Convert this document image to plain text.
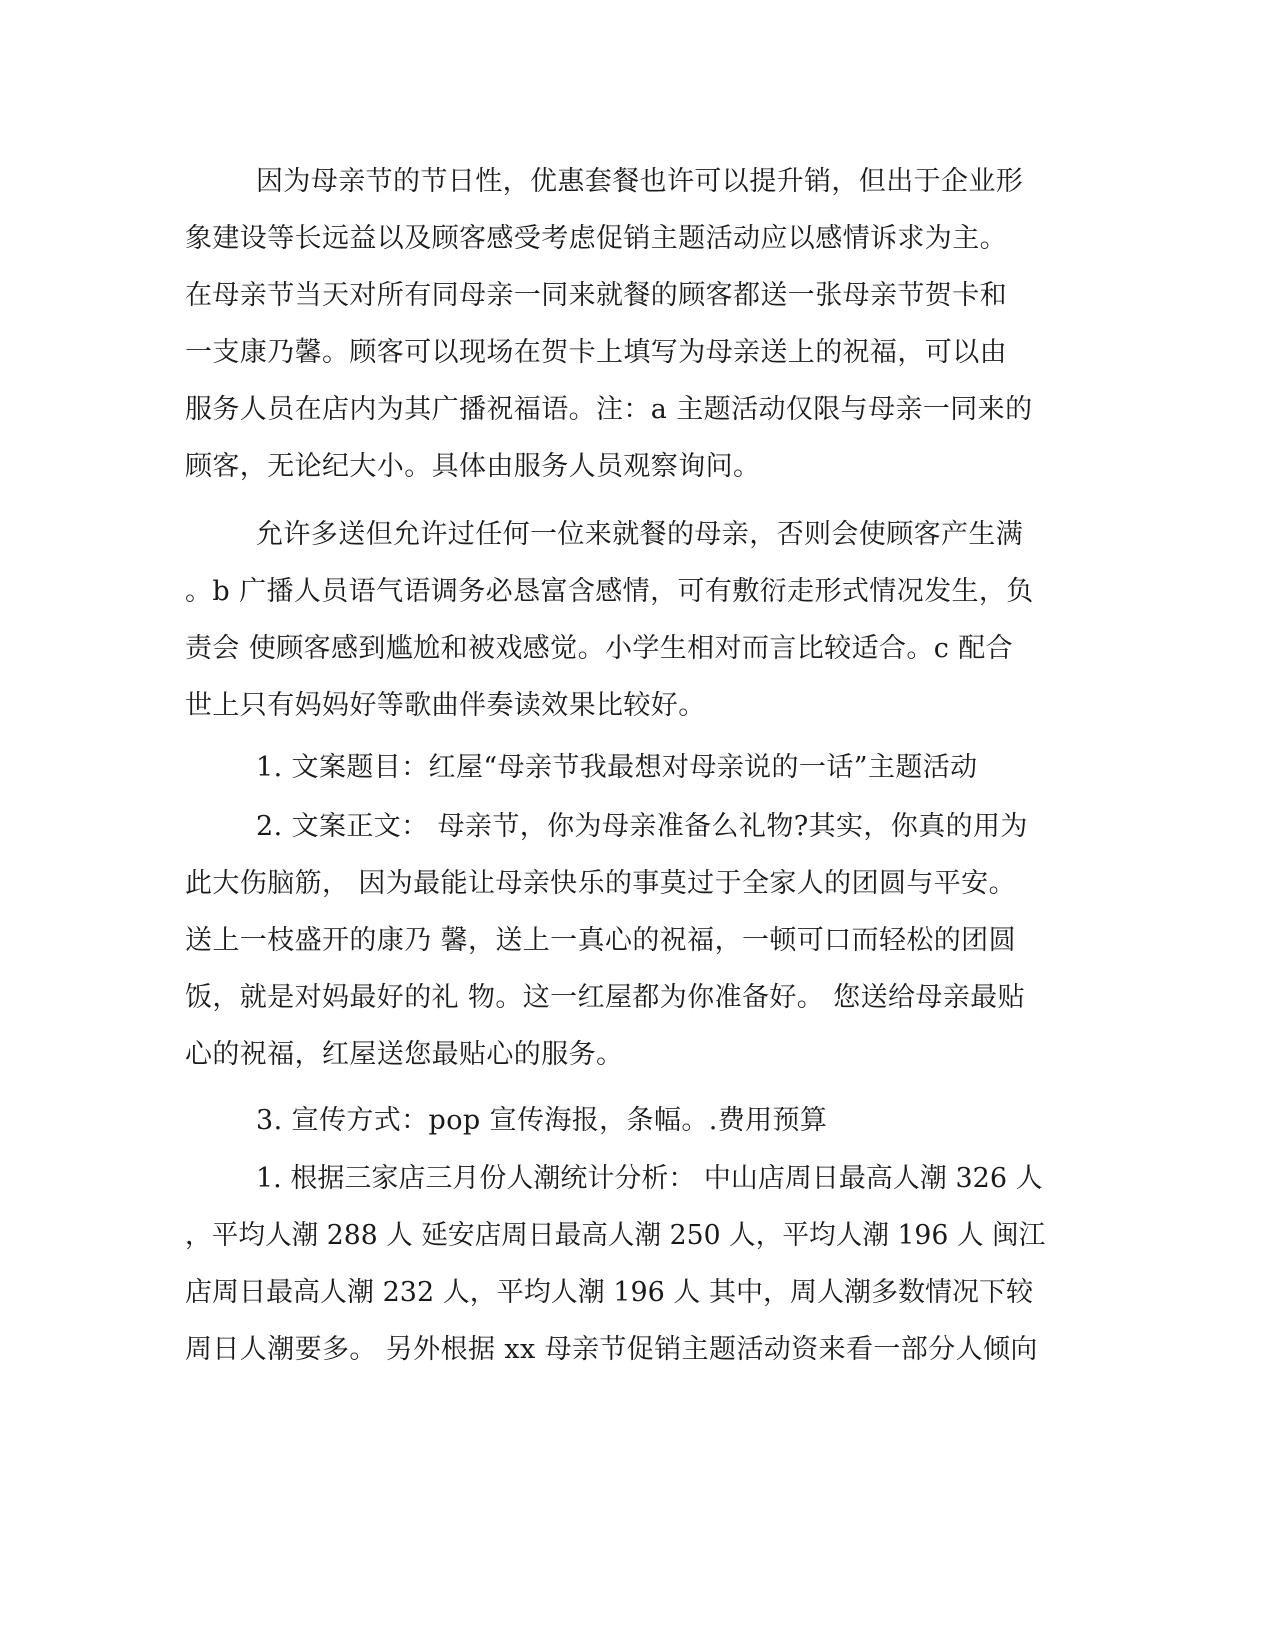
因为母亲节的节日性，优惠套餐也许可以提升销，但出于企业形

象建设等长远益以及顾客感受考虑促销主题活动应以感情诉求为主。

在母亲节当天对所有同母亲一同来就餐的顾客都送一张母亲节贺卡和

一支康乃馨。顾客可以现场在贺卡上填写为母亲送上的祝福，可以由

服务人员在店内为其广播祝福语。注：a 主题活动仅限与母亲一同来的

顾客，无论纪大小。具体由服务人员观察询问。

允许多送但允许过任何一位来就餐的母亲，否则会使顾客产生满

。b 广播人员语气语调务必恳富含感情，可有敷衍走形式情况发生，负

责会 使顾客感到尴尬和被戏感觉。小学生相对而言比较适合。c 配合

世上只有妈妈好等歌曲伴奏读效果比较好。

1. 文案题目：红屋“母亲节我最想对母亲说的一话”主题活动

2. 文案正文： 母亲节，你为母亲准备么礼物?其实，你真的用为

此大伤脑筋， 因为最能让母亲快乐的事莫过于全家人的团圆与平安。

送上一枝盛开的康乃 馨，送上一真心的祝福，一顿可口而轻松的团圆

饭，就是对妈最好的礼 物。这一红屋都为你准备好。 您送给母亲最贴

心的祝福，红屋送您最贴心的服务。

3. 宣传方式：pop 宣传海报，条幅。.费用预算

1. 根据三家店三月份人潮统计分析： 中山店周日最高人潮 326 人

，平均人潮 288 人 延安店周日最高人潮 250 人，平均人潮 196 人 闽江

店周日最高人潮 232 人，平均人潮 196 人 其中，周人潮多数情况下较

周日人潮要多。 另外根据 xx 母亲节促销主题活动资来看一部分人倾向
